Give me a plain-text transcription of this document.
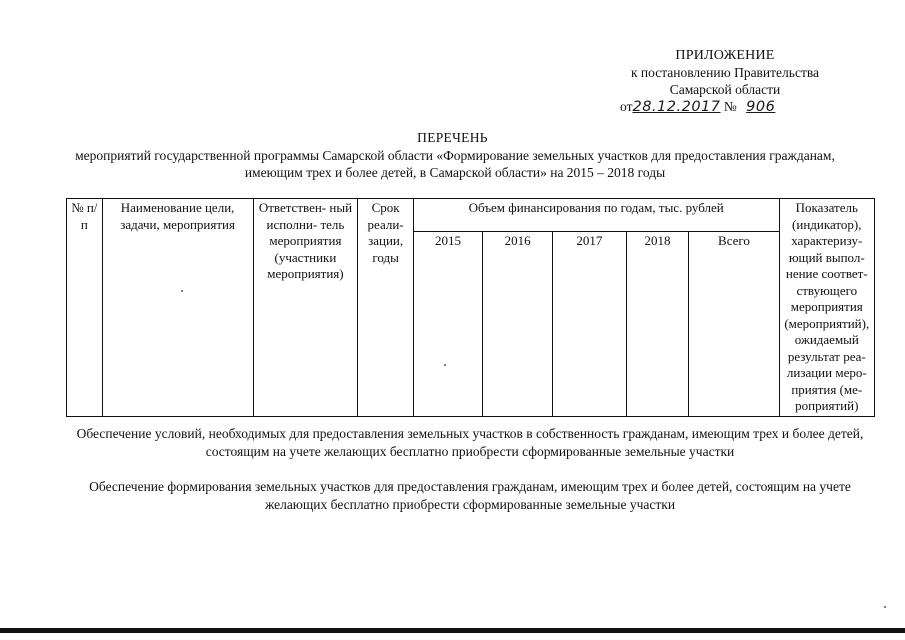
ПРИЛОЖЕНИЕ
к постановлению Правительства
Самарской области
от28.12.2017 № 906
ПЕРЕЧЕНЬ
мероприятий государственной программы Самарской области «Формирование земельных участков для предоставления гражданам, имеющим трех и более детей, в Самарской области» на 2015 – 2018 годы
№ п/п	Наименование цели, задачи, мероприятия	Ответствен- ный исполни- тель мероприятия (участники мероприятия)	Срок реали- зации, годы	Объем финансирования по годам, тыс. рублей					Показатель (индикатор), характеризу- ющий выпол- нение соответ- ствующего мероприятия (мероприятий), ожидаемый результат реа- лизации меро- приятия (ме- роприятий)
				2015	2016	2017	2018	Всего	
Обеспечение условий, необходимых для предоставления земельных участков в собственность гражданам, имеющим трех и более детей, состоящим на учете желающих бесплатно приобрести сформированные земельные участки
Обеспечение формирования земельных участков для предоставления гражданам, имеющим трех и более детей, состоящим на учете желающих бесплатно приобрести сформированные земельные участки
